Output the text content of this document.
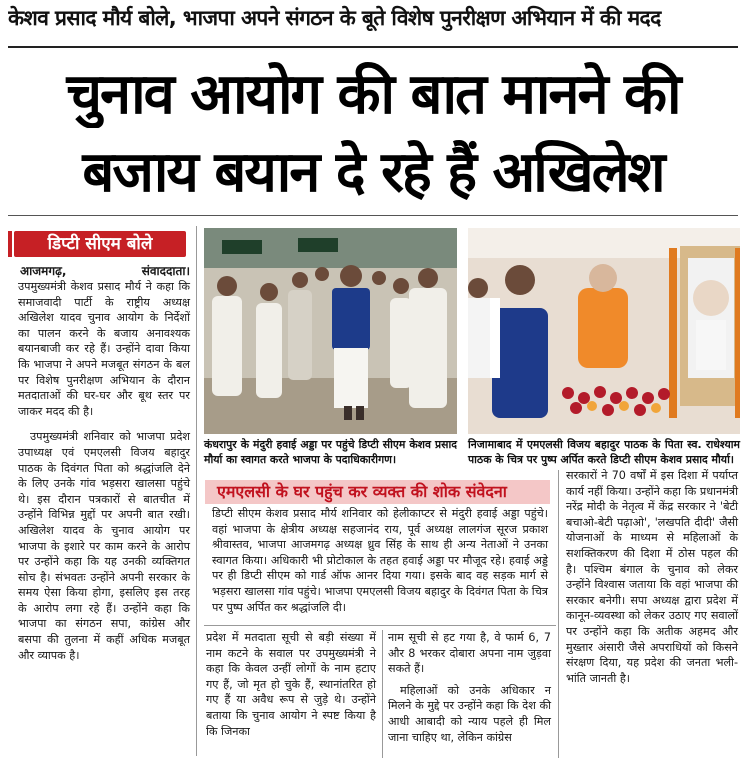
केशव प्रसाद मौर्य बोले, भाजपा अपने संगठन के बूते विशेष पुनरीक्षण अभियान में की मदद
चुनाव आयोग की बात मानने की
बजाय बयान दे रहे हैं अखिलेश
डिप्टी सीएम बोले
आजमगढ़,	संवाददाता।

उपमुख्यमंत्री केशव प्रसाद मौर्य ने कहा कि समाजवादी पार्टी के राष्ट्रीय अध्यक्ष अखिलेश यादव चुनाव आयोग के निर्देशों का पालन करने के बजाय अनावश्यक बयानबाजी कर रहे हैं। उन्होंने दावा किया कि भाजपा ने अपने मजबूत संगठन के बल पर विशेष पुनरीक्षण अभियान के दौरान मतदाताओं की घर-घर और बूथ स्तर पर जाकर मदद की है।

उपमुख्यमंत्री शनिवार को भाजपा प्रदेश उपाध्यक्ष एवं एमएलसी विजय बहादुर पाठक के दिवंगत पिता को श्रद्धांजलि देने के लिए उनके गांव भड़सरा खालसा पहुंचे थे। इस दौरान पत्रकारों से बातचीत में उन्होंने विभिन्न मुद्दों पर अपनी बात रखी। अखिलेश यादव के चुनाव आयोग पर भाजपा के इशारे पर काम करने के आरोप पर उन्होंने कहा कि यह उनकी व्यक्तिगत सोच है। संभवतः उन्होंने अपनी सरकार के समय ऐसा किया होगा, इसलिए इस तरह के आरोप लगा रहे हैं। उन्होंने कहा कि भाजपा का संगठन सपा, कांग्रेस और बसपा की तुलना में कहीं अधिक मजबूत और व्यापक है।

कंधरापुर के मंदुरी हवाई अड्डा पर पहुंचे डिप्टी सीएम केशव प्रसाद मौर्या का स्वागत करते भाजपा के पदाधिकारीगण।
निजामाबाद में एमएलसी विजय बहादुर पाठक के पिता स्व. राधेश्याम पाठक के चित्र पर पुष्प अर्पित करते डिप्टी सीएम केशव प्रसाद मौर्या।
एमएलसी के घर पहुंच कर व्यक्त की शोक संवेदना
डिप्टी सीएम केशव प्रसाद मौर्य शनिवार को हेलीकाप्टर से मंदुरी हवाई अड्डा पहुंचे। वहां भाजपा के क्षेत्रीय अध्यक्ष सहजानंद राय, पूर्व अध्यक्ष लालगंज सूरज प्रकाश श्रीवास्तव, भाजपा आजमगढ़ अध्यक्ष ध्रुव सिंह के साथ ही अन्य नेताओं ने उनका स्वागत किया। अधिकारी भी प्रोटोकाल के तहत हवाई अड्डा पर मौजूद रहे। हवाई अड्डे पर ही डिप्टी सीएम को गार्ड ऑफ आनर दिया गया। इसके बाद वह सड़क मार्ग से भड़सरा खालसा गांव पहुंचे। भाजपा एमएलसी विजय बहादुर के दिवंगत पिता के चित्र पर पुष्प अर्पित कर श्रद्धांजलि दी।
प्रदेश में मतदाता सूची से बड़ी संख्या में नाम कटने के सवाल पर उपमुख्यमंत्री ने कहा कि केवल उन्हीं लोगों के नाम हटाए गए हैं, जो मृत हो चुके हैं, स्थानांतरित हो गए हैं या अवैध रूप से जुड़े थे। उन्होंने बताया कि चुनाव आयोग ने स्पष्ट किया है कि जिनका

नाम सूची से हट गया है, वे फार्म 6, 7 और 8 भरकर दोबारा अपना नाम जुड़वा सकते हैं।

महिलाओं को उनके अधिकार न मिलने के मुद्दे पर उन्होंने कहा कि देश की आधी आबादी को न्याय पहले ही मिल जाना चाहिए था, लेकिन कांग्रेस

सरकारों ने 70 वर्षों में इस दिशा में पर्याप्त कार्य नहीं किया। उन्होंने कहा कि प्रधानमंत्री नरेंद्र मोदी के नेतृत्व में केंद्र सरकार ने 'बेटी बचाओ-बेटी पढ़ाओ', 'लखपति दीदी' जैसी योजनाओं के माध्यम से महिलाओं के सशक्तिकरण की दिशा में ठोस पहल की है। पश्चिम बंगाल के चुनाव को लेकर उन्होंने विश्वास जताया कि वहां भाजपा की सरकार बनेगी। सपा अध्यक्ष द्वारा प्रदेश में कानून-व्यवस्था को लेकर उठाए गए सवालों पर उन्होंने कहा कि अतीक अहमद और मुख्तार अंसारी जैसे अपराधियों को किसने संरक्षण दिया, यह प्रदेश की जनता भली-भांति जानती है।
